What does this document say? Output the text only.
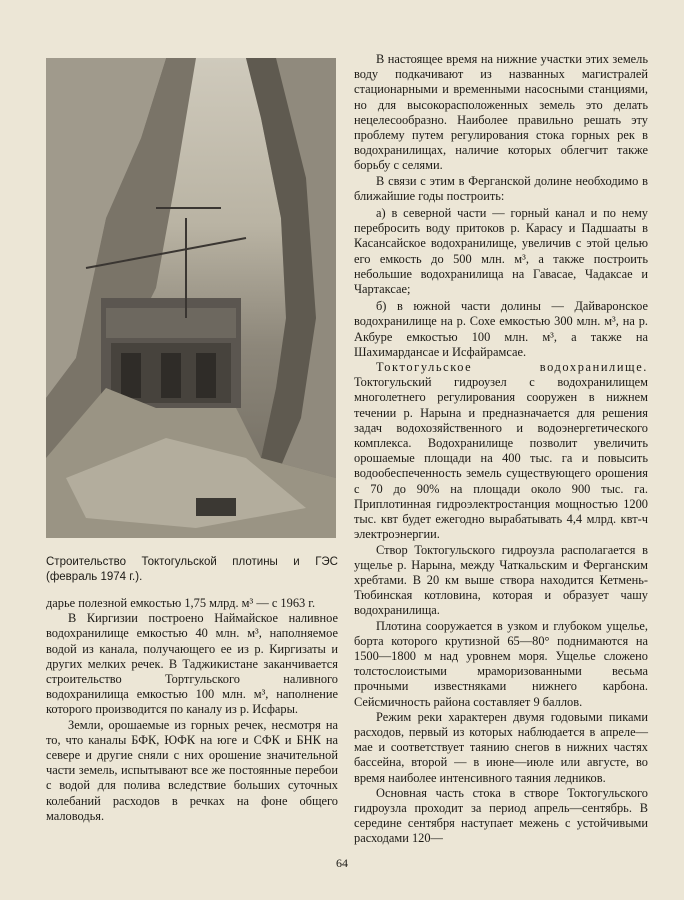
Строительство Токтогульской плотины и ГЭС (февраль 1974 г.).

дарье полезной емкостью 1,75 млрд. м³ — с 1963 г.

В Киргизии построено Наймайское наливное водохранилище емкостью 40 млн. м³, наполняемое водой из канала, получающего ее из р. Киргизаты и других мелких речек. В Таджикистане заканчивается строительство Тортгульского наливного водохранилища емкостью 100 млн. м³, наполнение которого производится по каналу из р. Исфары.

Земли, орошаемые из горных речек, несмотря на то, что каналы БФК, ЮФК на юге и СФК и БНК на севере и другие сняли с них орошение значительной части земель, испытывают все же постоянные перебои с водой для полива вследствие больших суточных колебаний расходов в речках на фоне общего маловодья.

В настоящее время на нижние участки этих земель воду подкачивают из названных магистралей стационарными и временными насосными станциями, но для высокорасположенных земель это делать нецелесообразно. Наиболее правильно решать эту проблему путем регулирования стока горных рек в водохранилищах, наличие которых облегчит также борьбу с селями.

В связи с этим в Ферганской долине необходимо в ближайшие годы построить:

а) в северной части — горный канал и по нему перебросить воду притоков р. Карасу и Падшааты в Касансайское водохранилище, увеличив с этой целью его емкость до 500 млн. м³, а также построить небольшие водохранилища на Гавасае, Чадаксае и Чартаксае;

б) в южной части долины — Дайваронское водохранилище на р. Сохе емкостью 300 млн. м³, на р. Акбуре емкостью 100 млн. м³, а также на Шахимардансае и Исфайрамсае.

Токтогульское водохранилище. Токтогульский гидроузел с водохранилищем многолетнего регулирования сооружен в нижнем течении р. Нарына и предназначается для решения задач водохозяйственного и водоэнергетического комплекса. Водохранилище позволит увеличить орошаемые площади на 400 тыс. га и повысить водообеспеченность земель существующего орошения с 70 до 90% на площади около 900 тыс. га. Приплотинная гидроэлектростанция мощностью 1200 тыс. квт будет ежегодно вырабатывать 4,4 млрд. квт-ч электроэнергии.

Створ Токтогульского гидроузла располагается в ущелье р. Нарына, между Чаткальским и Ферганским хребтами. В 20 км выше створа находится Кетмень-Тюбинская котловина, которая и образует чашу водохранилища.

Плотина сооружается в узком и глубоком ущелье, борта которого крутизной 65—80° поднимаются на 1500—1800 м над уровнем моря. Ущелье сложено толстослоистыми мраморизованными весьма прочными известняками нижнего карбона. Сейсмичность района составляет 9 баллов.

Режим реки характерен двумя годовыми пиками расходов, первый из которых наблюдается в апреле—мае и соответствует таянию снегов в нижних частях бассейна, второй — в июне—июле или августе, во время наиболее интенсивного таяния ледников.

Основная часть стока в створе Токтогульского гидроузла проходит за период апрель—сентябрь. В середине сентября наступает межень с устойчивыми расходами 120—

64
